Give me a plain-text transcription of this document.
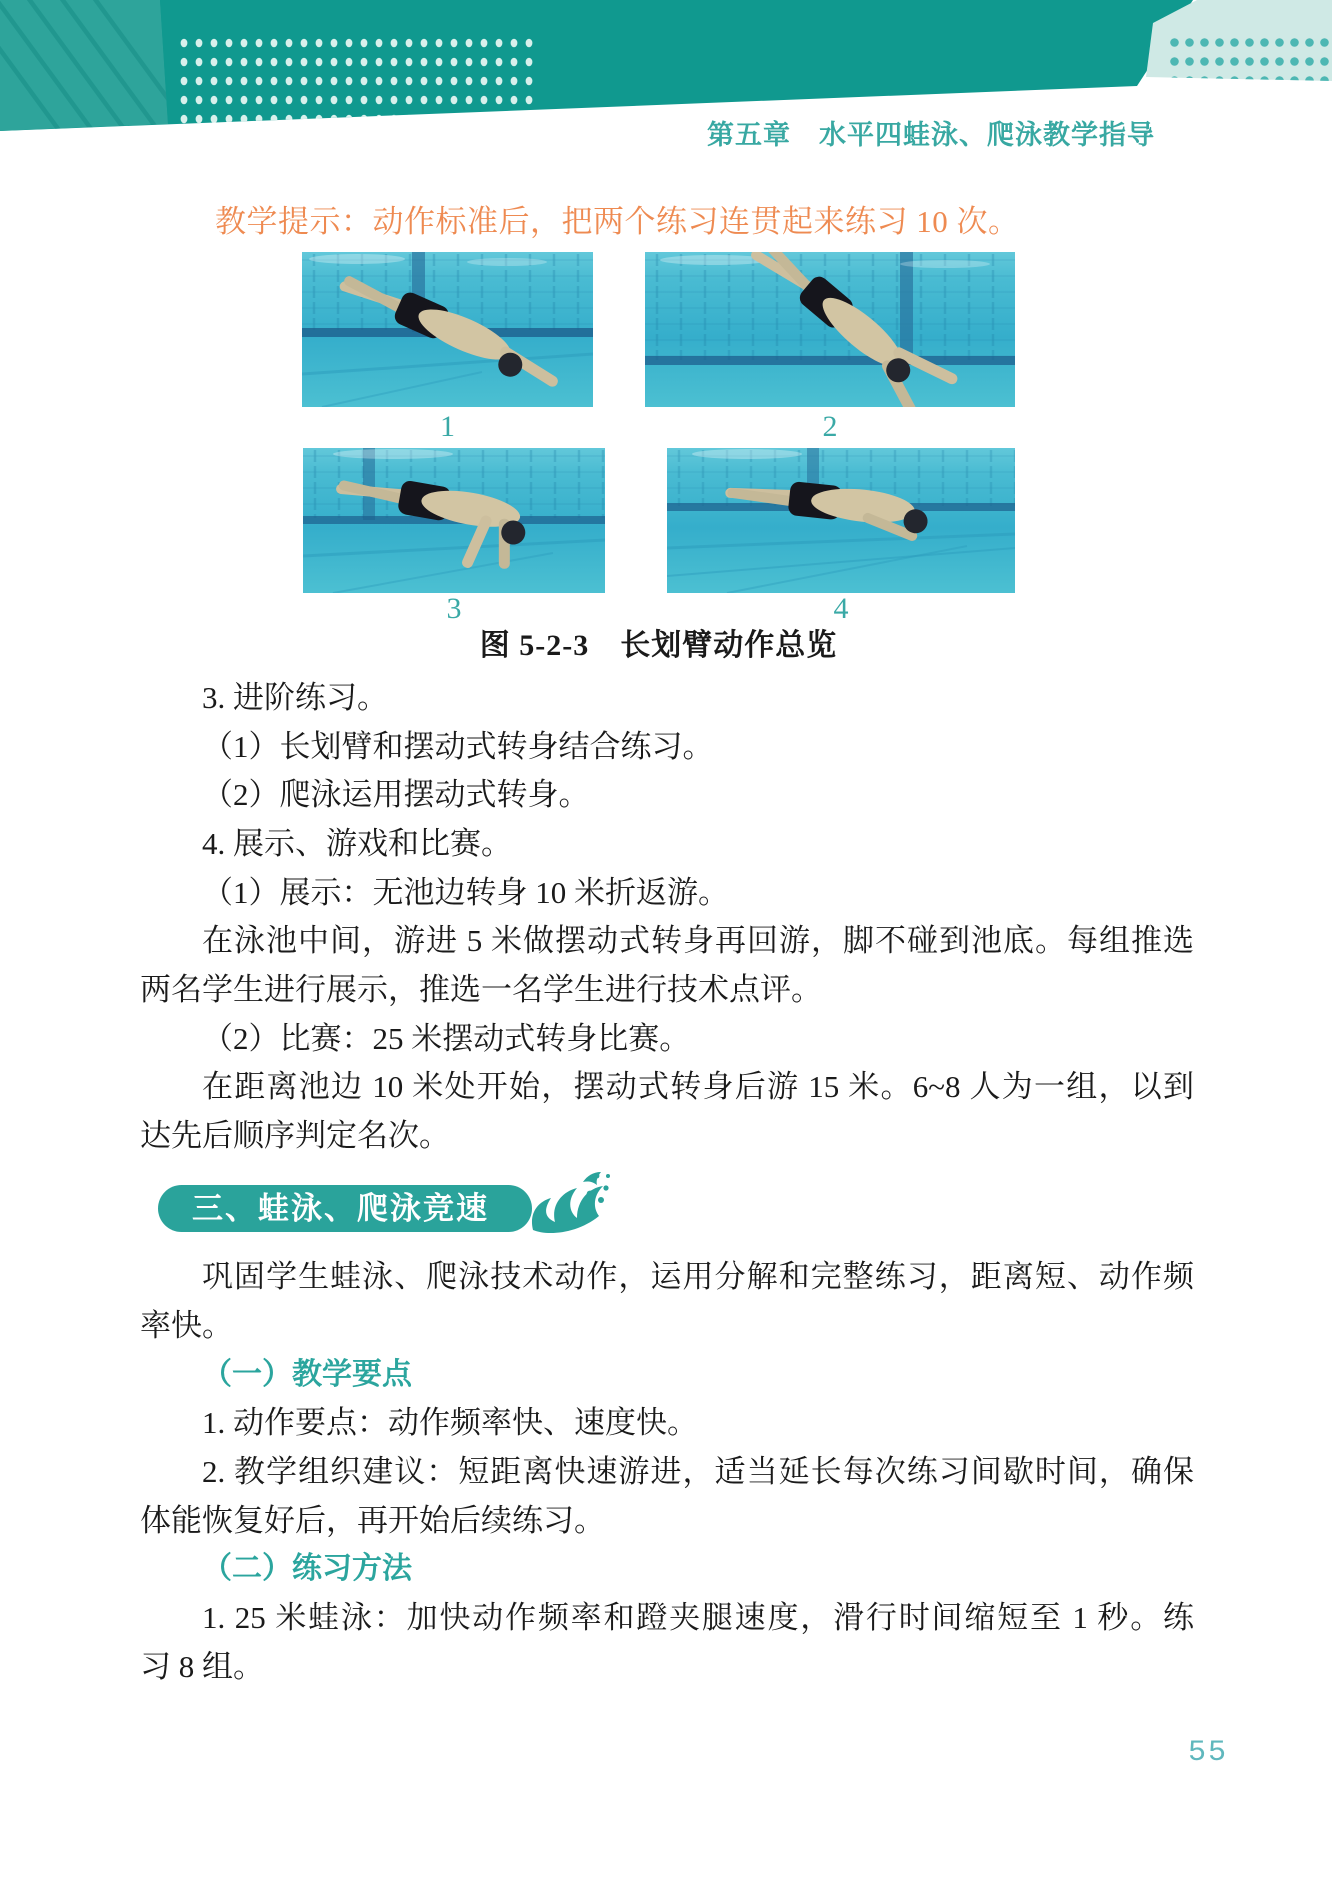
第五章　水平四蛙泳、爬泳教学指导
教学提示：动作标准后，把两个练习连贯起来练习 10 次。
1	2
3	4
图 5-2-3　长划臂动作总览
3. 进阶练习。
（1）长划臂和摆动式转身结合练习。
（2）爬泳运用摆动式转身。
4. 展示、游戏和比赛。
（1）展示：无池边转身 10 米折返游。
在泳池中间，游进 5 米做摆动式转身再回游，脚不碰到池底。每组推选
两名学生进行展示，推选一名学生进行技术点评。
（2）比赛：25 米摆动式转身比赛。
在距离池边 10 米处开始，摆动式转身后游 15 米。6~8 人为一组，以到
达先后顺序判定名次。
三、蛙泳、爬泳竞速
巩固学生蛙泳、爬泳技术动作，运用分解和完整练习，距离短、动作频
率快。
（一）教学要点
1. 动作要点：动作频率快、速度快。
2. 教学组织建议：短距离快速游进，适当延长每次练习间歇时间，确保
体能恢复好后，再开始后续练习。
（二）练习方法
1. 25 米蛙泳：加快动作频率和蹬夹腿速度，滑行时间缩短至 1 秒。练
习 8 组。
55
